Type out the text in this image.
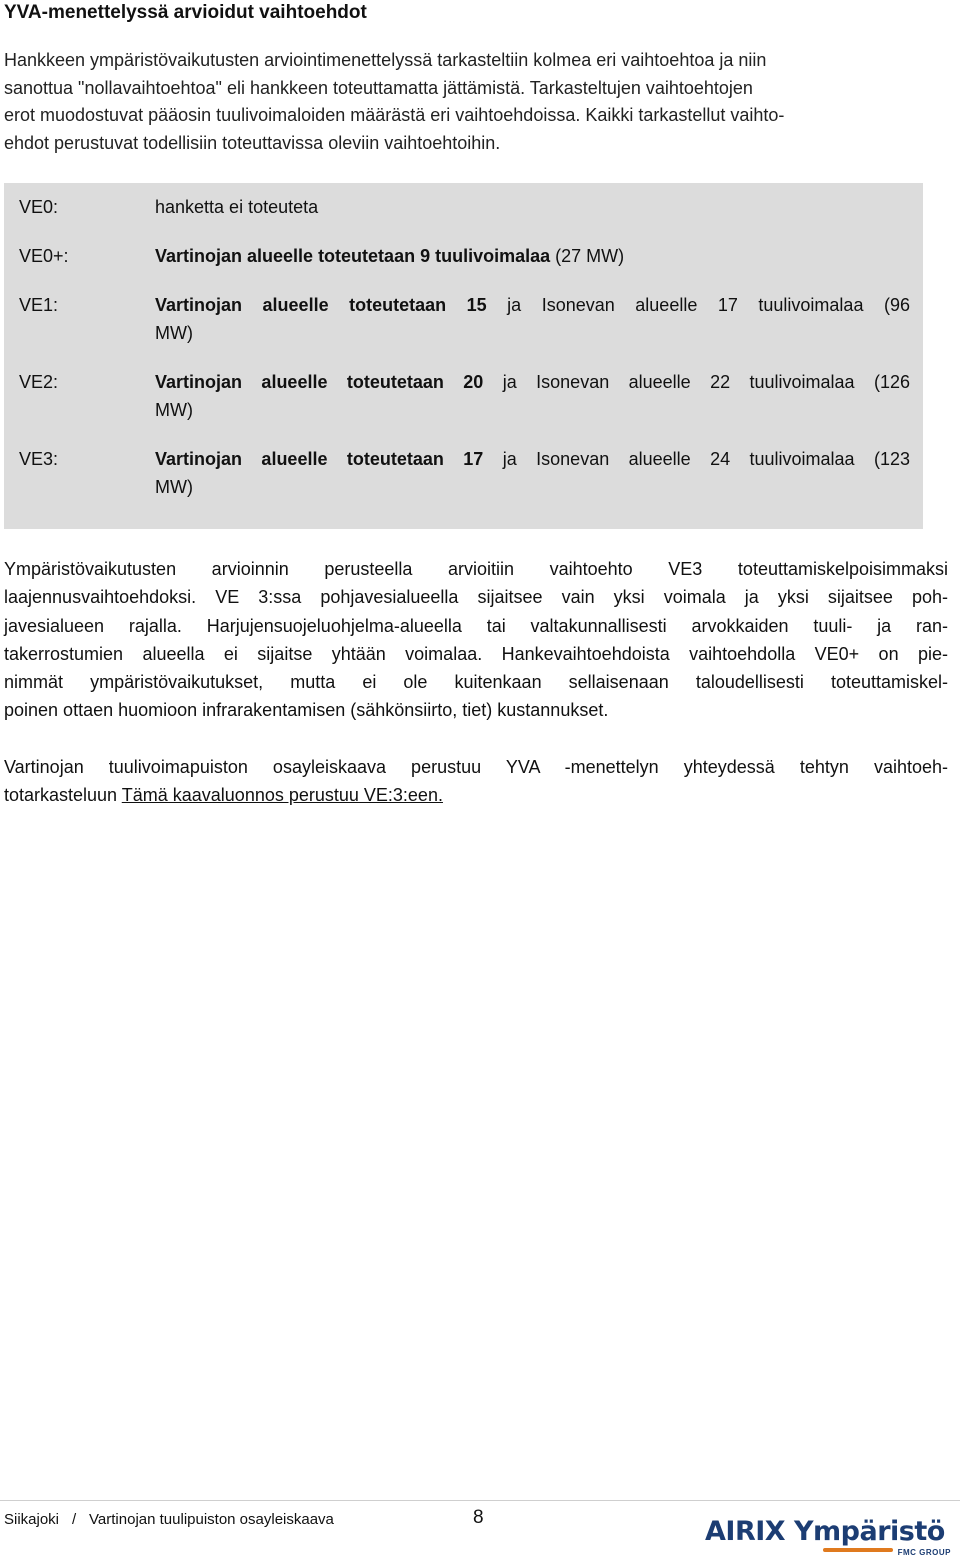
YVA-menettelyssä arvioidut vaihtoehdot
Hankkeen ympäristövaikutusten arviointimenettelyssä tarkasteltiin kolmea eri vaihtoehtoa ja niin
sanottua "nollavaihtoehtoa" eli hankkeen toteuttamatta jättämistä. Tarkasteltujen vaihtoehtojen
erot muodostuvat pääosin tuulivoimaloiden määrästä eri vaihtoehdoissa. Kaikki tarkastellut vaihto-
ehdot perustuvat todellisiin toteuttavissa oleviin vaihtoehtoihin.
VE0:	hanketta ei toteuteta
VE0+:	Vartinojan alueelle toteutetaan 9 tuulivoimalaa (27 MW)
VE1:	Vartinojan alueelle toteutetaan 15 ja Isonevan alueelle 17 tuulivoimalaa (96
MW)
VE2:	Vartinojan alueelle toteutetaan 20 ja Isonevan alueelle 22 tuulivoimalaa (126
MW)
VE3:	Vartinojan alueelle toteutetaan 17 ja Isonevan alueelle 24 tuulivoimalaa (123
MW)
Ympäristövaikutusten arvioinnin perusteella arvioitiin vaihtoehto VE3 toteuttamiskelpoisimmaksi
laajennusvaihtoehdoksi. VE 3:ssa pohjavesialueella sijaitsee vain yksi voimala ja yksi sijaitsee poh-
javesialueen rajalla. Harjujensuojeluohjelma-alueella tai valtakunnallisesti arvokkaiden tuuli- ja ran-
takerrostumien alueella ei sijaitse yhtään voimalaa. Hankevaihtoehdoista vaihtoehdolla VE0+ on pie-
nimmät ympäristövaikutukset, mutta ei ole kuitenkaan sellaisenaan taloudellisesti toteuttamiskel-
poinen ottaen huomioon infrarakentamisen (sähkönsiirto, tiet) kustannukset.
Vartinojan tuulivoimapuiston osayleiskaava perustuu YVA -menettelyn yhteydessä tehtyn vaihtoeh-
totarkasteluun Tämä kaavaluonnos perustuu VE:3:een.
Siikajoki / Vartinojan tuulipuiston osayleiskaava	8	AIRIX Ympäristö
FMC GROUP
